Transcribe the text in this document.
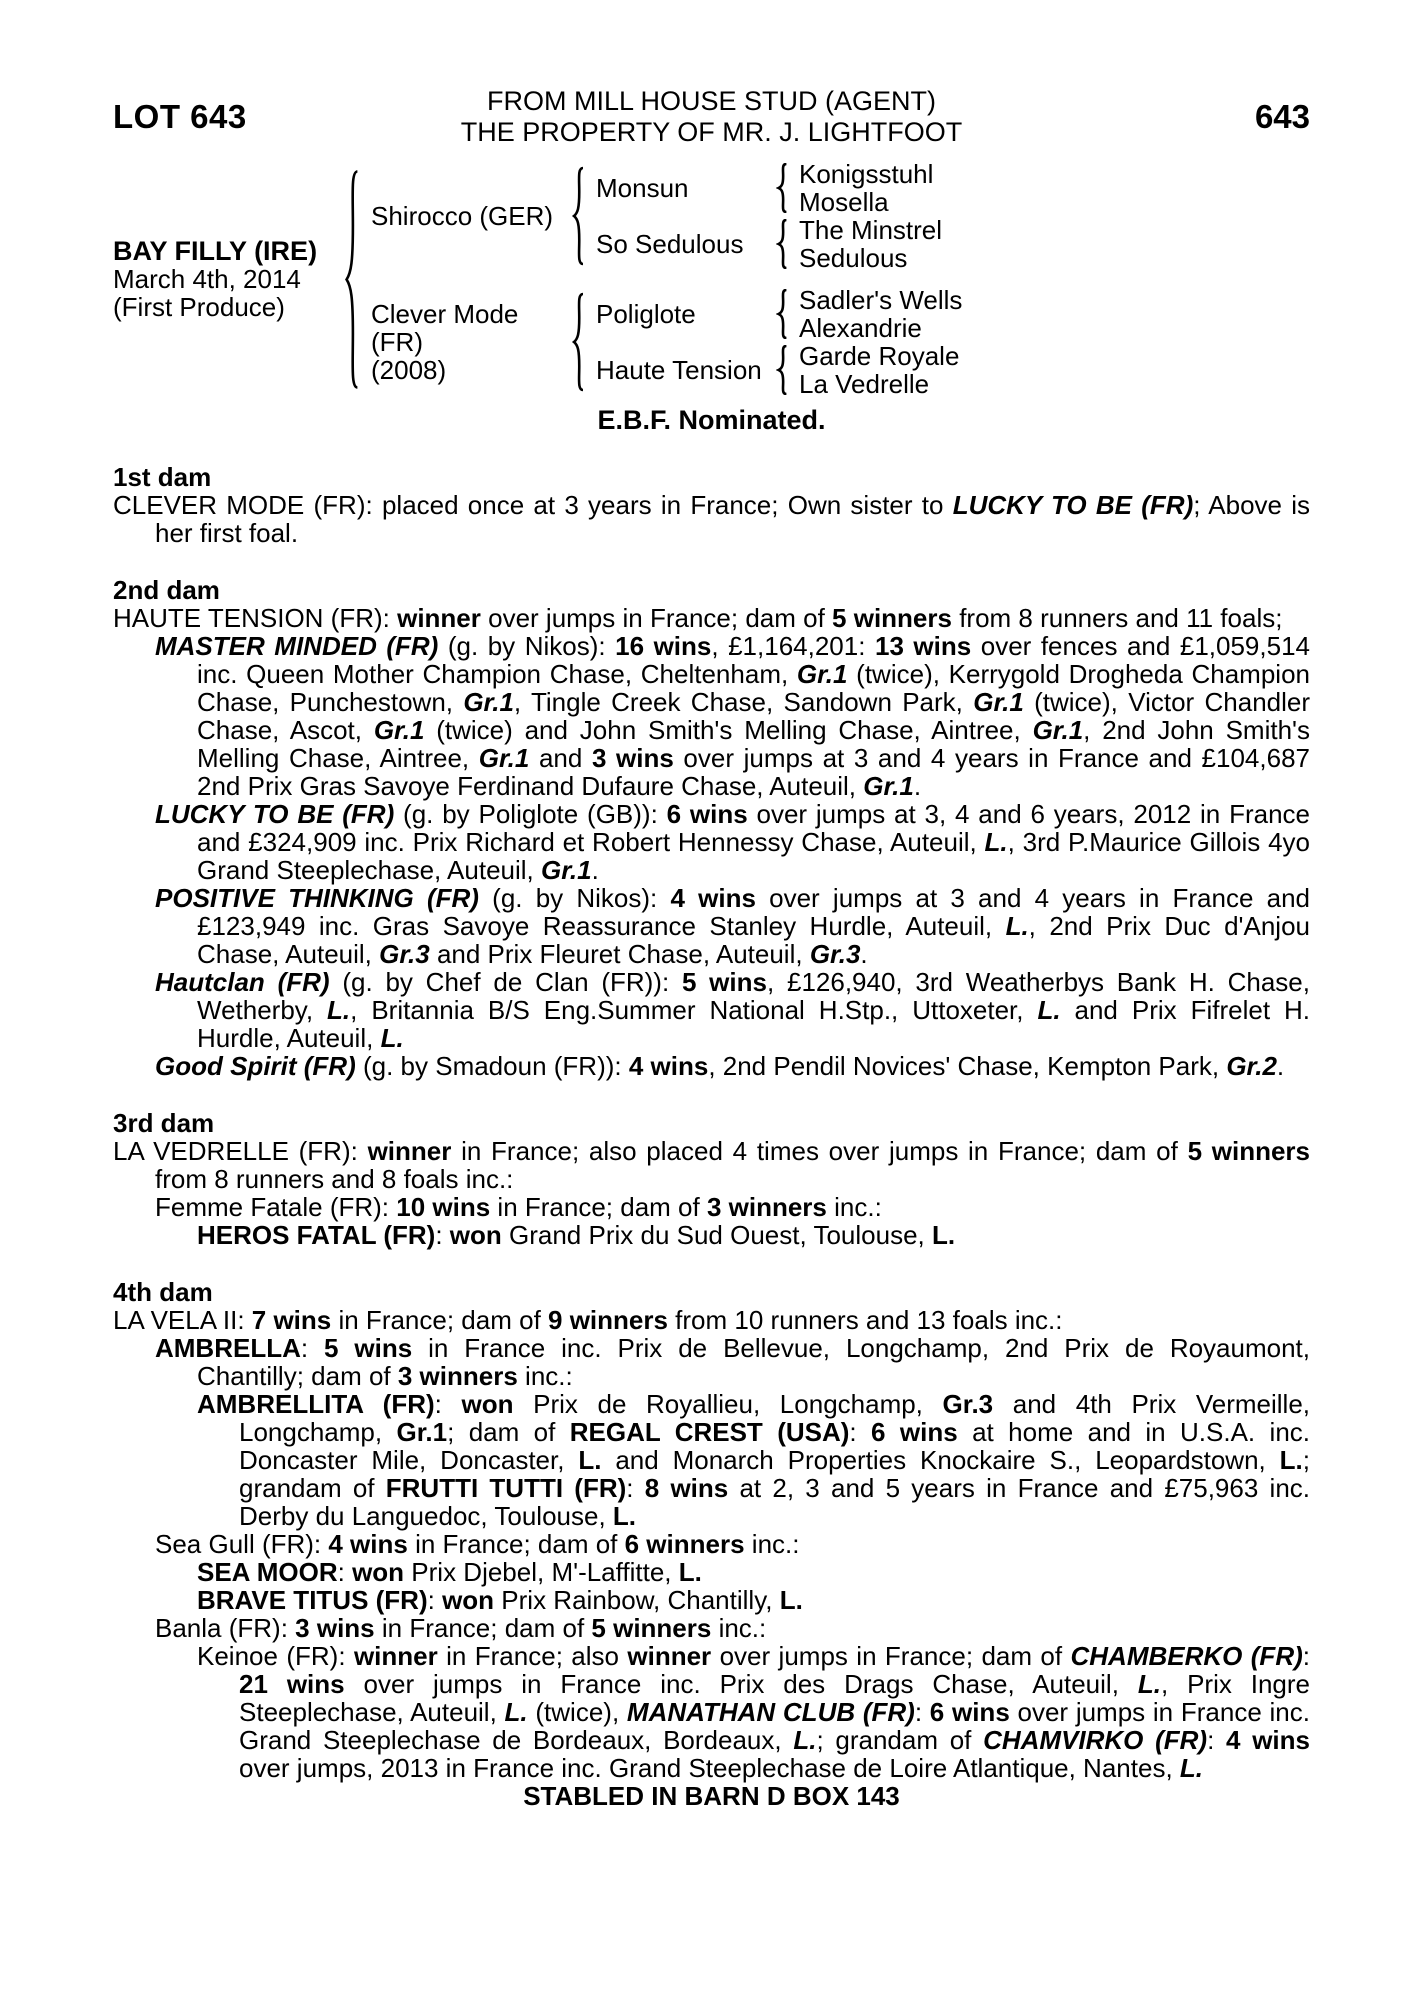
LOT 643	FROM MILL HOUSE STUD (AGENT)
THE PROPERTY OF MR. J. LIGHTFOOT	643
BAY FILLY (IRE)
March 4th, 2014
(First Produce)
Shirocco (GER)
Monsun	Konigsstuhl
Mosella
So Sedulous	The Minstrel
Sedulous
Clever Mode (FR)
(2008)
Poliglote	Sadler's Wells
Alexandrie
Haute Tension	Garde Royale
La Vedrelle
E.B.F. Nominated.
1st dam

CLEVER MODE (FR): placed once at 3 years in France; Own sister to LUCKY TO BE (FR); Above is her first foal.

2nd dam

HAUTE TENSION (FR): winner over jumps in France; dam of 5 winners from 8 runners and 11 foals;

MASTER MINDED (FR) (g. by Nikos): 16 wins, £1,164,201: 13 wins over fences and £1,059,514 inc. Queen Mother Champion Chase, Cheltenham, Gr.1 (twice), Kerrygold Drogheda Champion Chase, Punchestown, Gr.1, Tingle Creek Chase, Sandown Park, Gr.1 (twice), Victor Chandler Chase, Ascot, Gr.1 (twice) and John Smith's Melling Chase, Aintree, Gr.1, 2nd John Smith's Melling Chase, Aintree, Gr.1 and 3 wins over jumps at 3 and 4 years in France and £104,687 2nd Prix Gras Savoye Ferdinand Dufaure Chase, Auteuil, Gr.1.

LUCKY TO BE (FR) (g. by Poliglote (GB)): 6 wins over jumps at 3, 4 and 6 years, 2012 in France and £324,909 inc. Prix Richard et Robert Hennessy Chase, Auteuil, L., 3rd P.Maurice Gillois 4yo Grand Steeplechase, Auteuil, Gr.1.

POSITIVE THINKING (FR) (g. by Nikos): 4 wins over jumps at 3 and 4 years in France and £123,949 inc. Gras Savoye Reassurance Stanley Hurdle, Auteuil, L., 2nd Prix Duc d'Anjou Chase, Auteuil, Gr.3 and Prix Fleuret Chase, Auteuil, Gr.3.

Hautclan (FR) (g. by Chef de Clan (FR)): 5 wins, £126,940, 3rd Weatherbys Bank H. Chase, Wetherby, L., Britannia B/S Eng.Summer National H.Stp., Uttoxeter, L. and Prix Fifrelet H. Hurdle, Auteuil, L.

Good Spirit (FR) (g. by Smadoun (FR)): 4 wins, 2nd Pendil Novices' Chase, Kempton Park, Gr.2.

3rd dam

LA VEDRELLE (FR): winner in France; also placed 4 times over jumps in France; dam of 5 winners from 8 runners and 8 foals inc.:

Femme Fatale (FR): 10 wins in France; dam of 3 winners inc.:

HEROS FATAL (FR): won Grand Prix du Sud Ouest, Toulouse, L.

4th dam

LA VELA II: 7 wins in France; dam of 9 winners from 10 runners and 13 foals inc.:

AMBRELLA: 5 wins in France inc. Prix de Bellevue, Longchamp, 2nd Prix de Royaumont, Chantilly; dam of 3 winners inc.:

AMBRELLITA (FR): won Prix de Royallieu, Longchamp, Gr.3 and 4th Prix Vermeille, Longchamp, Gr.1; dam of REGAL CREST (USA): 6 wins at home and in U.S.A. inc. Doncaster Mile, Doncaster, L. and Monarch Properties Knockaire S., Leopardstown, L.; grandam of FRUTTI TUTTI (FR): 8 wins at 2, 3 and 5 years in France and £75,963 inc. Derby du Languedoc, Toulouse, L.

Sea Gull (FR): 4 wins in France; dam of 6 winners inc.:

SEA MOOR: won Prix Djebel, M'-Laffitte, L.

BRAVE TITUS (FR): won Prix Rainbow, Chantilly, L.

Banla (FR): 3 wins in France; dam of 5 winners inc.:

Keinoe (FR): winner in France; also winner over jumps in France; dam of CHAMBERKO (FR): 21 wins over jumps in France inc. Prix des Drags Chase, Auteuil, L., Prix Ingre Steeplechase, Auteuil, L. (twice), MANATHAN CLUB (FR): 6 wins over jumps in France inc. Grand Steeplechase de Bordeaux, Bordeaux, L.; grandam of CHAMVIRKO (FR): 4 wins over jumps, 2013 in France inc. Grand Steeplechase de Loire Atlantique, Nantes, L.

STABLED IN BARN D BOX 143
